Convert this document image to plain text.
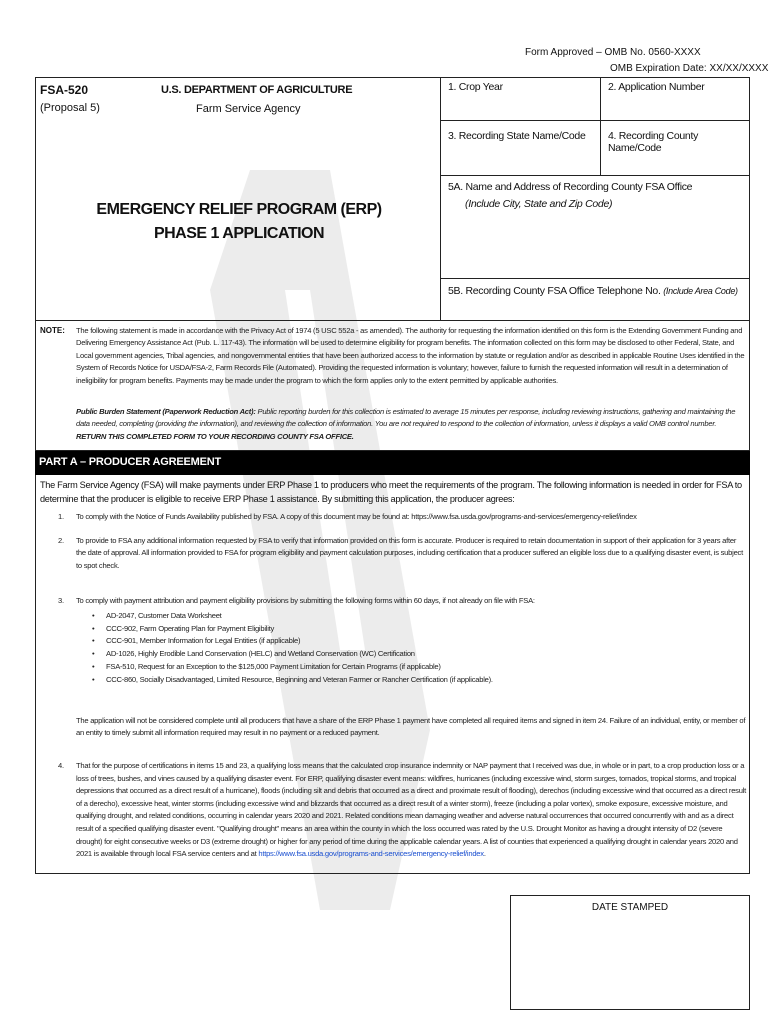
Form Approved – OMB No. 0560-XXXX
OMB Expiration Date: XX/XX/XXXX
FSA-520
(Proposal 5)
U.S. DEPARTMENT OF AGRICULTURE
Farm Service Agency
EMERGENCY RELIEF PROGRAM (ERP)
PHASE 1 APPLICATION
1. Crop Year	2. Application Number
3. Recording State Name/Code 4. Recording County Name/Code
5A. Name and Address of Recording County FSA Office
(Include City, State and Zip Code)
5B. Recording County FSA Office Telephone No. (Include Area Code)
NOTE: The following statement is made in accordance with the Privacy Act of 1974 (5 USC 552a - as amended). The authority for requesting the information identified on this form is the Extending Government Funding and Delivering Emergency Assistance Act (Pub. L. 117-43). The information will be used to determine eligibility for program benefits. The information collected on this form may be disclosed to other Federal, State, and Local government agencies, Tribal agencies, and nongovernmental entities that have been authorized access to the information by statute or regulation and/or as described in applicable Routine Uses identified in the System of Records Notice for USDA/FSA-2, Farm Records File (Automated). Providing the requested information is voluntary; however, failure to furnish the requested information will result in a determination of ineligibility for program benefits. Payments may be made under the program to which the form applies only to the extent permitted by applicable authorities.
Public Burden Statement (Paperwork Reduction Act): Public reporting burden for this collection is estimated to average 15 minutes per response, including reviewing instructions, gathering and maintaining the data needed, completing (providing the information), and reviewing the collection of information. You are not required to respond to the collection of information, unless it displays a valid OMB control number. RETURN THIS COMPLETED FORM TO YOUR RECORDING COUNTY FSA OFFICE.
PART A – PRODUCER AGREEMENT
The Farm Service Agency (FSA) will make payments under ERP Phase 1 to producers who meet the requirements of the program. The following information is needed in order for FSA to determine that the producer is eligible to receive ERP Phase 1 assistance. By submitting this application, the producer agrees:
1. To comply with the Notice of Funds Availability published by FSA. A copy of this document may be found at: https://www.fsa.usda.gov/programs-and-services/emergency-relief/index
2. To provide to FSA any additional information requested by FSA to verify that information provided on this form is accurate. Producer is required to retain documentation in support of their application for 3 years after the date of approval. All information provided to FSA for program eligibility and payment calculation purposes, including certification that a producer suffered an eligible loss due to a qualifying disaster event, is subject to spot check.
3. To comply with payment attribution and payment eligibility provisions by submitting the following forms within 60 days, if not already on file with FSA:
• AD-2047, Customer Data Worksheet
• CCC-902, Farm Operating Plan for Payment Eligibility
• CCC-901, Member Information for Legal Entities (if applicable)
• AD-1026, Highly Erodible Land Conservation (HELC) and Wetland Conservation (WC) Certification
• FSA-510, Request for an Exception to the $125,000 Payment Limitation for Certain Programs (if applicable)
• CCC-860, Socially Disadvantaged, Limited Resource, Beginning and Veteran Farmer or Rancher Certification (if applicable).
The application will not be considered complete until all producers that have a share of the ERP Phase 1 payment have completed all required items and signed in item 24. Failure of an individual, entity, or member of an entity to timely submit all information required may result in no payment or a reduced payment.
4. That for the purpose of certifications in items 15 and 23, a qualifying loss means that the calculated crop insurance indemnity or NAP payment that I received was due, in whole or in part, to a crop production loss or a loss of trees, bushes, and vines caused by a qualifying disaster event. For ERP, qualifying disaster event means: wildfires, hurricanes (including excessive wind, storm surges, tornados, tropical storms, and tropical depressions that occurred as a direct result of a hurricane), floods (including silt and debris that occurred as a direct and proximate result of flooding), derechos (including excessive wind that occurred as a direct result of a derecho), excessive heat, winter storms (including excessive wind and blizzards that occurred as a direct result of a winter storm), freeze (including a polar vortex), smoke exposure, excessive moisture, and qualifying drought, and related conditions, occurring in calendar years 2020 and 2021. Related conditions mean damaging weather and adverse natural occurrences that occurred concurrently with and as a direct result of a specified qualifying disaster event. "Qualifying drought" means an area within the county in which the loss occurred was rated by the U.S. Drought Monitor as having a drought intensity of D2 (severe drought) for eight consecutive weeks or D3 (extreme drought) or higher for any period of time during the applicable calendar years. A list of counties that experienced a qualifying drought in calendar years 2020 and 2021 is available through local FSA service centers and at https://www.fsa.usda.gov/programs-and-services/emergency-relief/index.
DATE STAMPED
